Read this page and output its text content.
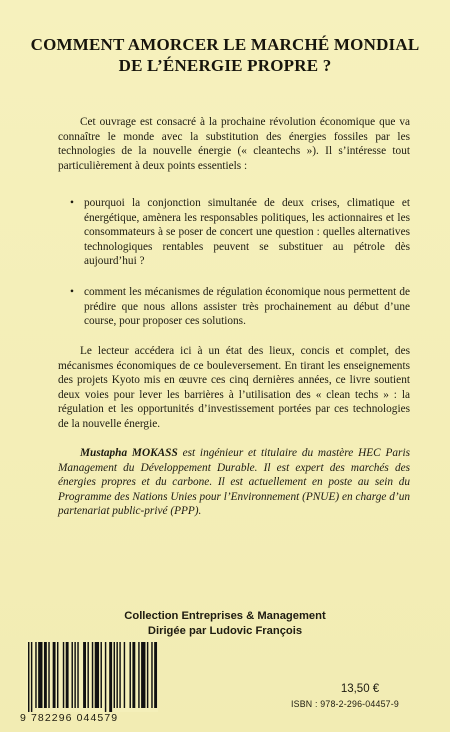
COMMENT AMORCER LE MARCHÉ MONDIAL
DE L’ÉNERGIE PROPRE ?

Cet ouvrage est consacré à la prochaine révolution économique que va connaître le monde avec la substitution des énergies fossiles par les technologies de la nouvelle énergie (« cleantechs »). Il s’intéresse tout particulièrement à deux points essentiels :

• pourquoi la conjonction simultanée de deux crises, climatique et énergétique, amènera les responsables politiques, les actionnaires et les consommateurs à se poser de concert une question : quelles alternatives technologiques rentables peuvent se substituer au pétrole dès aujourd’hui ?
• comment les mécanismes de régulation économique nous permettent de prédire que nous allons assister très prochainement au début d’une course, pour proposer ces solutions.

Le lecteur accédera ici à un état des lieux, concis et complet, des mécanismes économiques de ce bouleversement. En tirant les enseignements des projets Kyoto mis en œuvre ces cinq dernières années, ce livre soutient deux voies pour lever les barrières à l’utilisation des « clean techs » : la régulation et les opportunités d’investissement portées par ces technologies de la nouvelle énergie.

Mustapha MOKASS est ingénieur et titulaire du mastère HEC Paris Management du Développement Durable. Il est expert des marchés des énergies propres et du carbone. Il est actuellement en poste au sein du Programme des Nations Unies pour l’Environnement (PNUE) en charge d’un partenariat public-privé (PPP).

Collection Entreprises & Management
Dirigée par Ludovic François
9 782296 044579
13,50 €
ISBN : 978-2-296-04457-9
